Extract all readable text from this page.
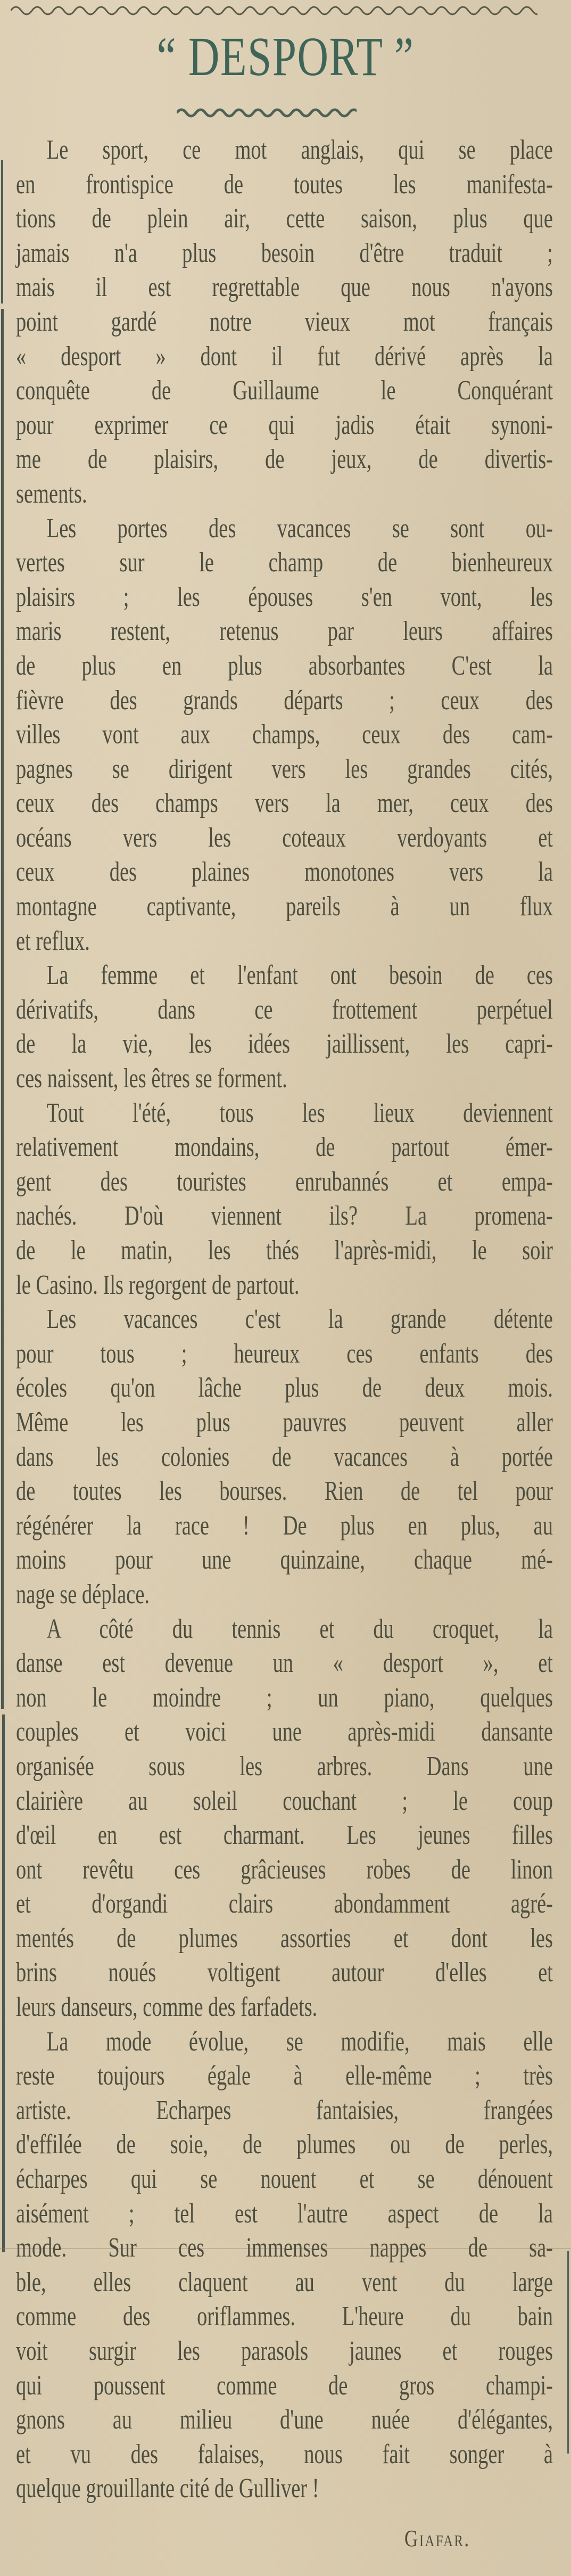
“ DESPORT ”
Le sport, ce mot anglais, qui se place
en frontispice de toutes les manifesta-
tions de plein air, cette saison, plus que
jamais n'a plus besoin d'être traduit ;
mais il est regrettable que nous n'ayons
point gardé notre vieux mot français
« desport » dont il fut dérivé après la
conquête de Guillaume le Conquérant
pour exprimer ce qui jadis était synoni-
me de plaisirs, de jeux, de divertis-
sements.
Les portes des vacances se sont ou-
vertes sur le champ de bienheureux
plaisirs ; les épouses s'en vont, les
maris restent, retenus par leurs affaires
de plus en plus absorbantes C'est la
fièvre des grands départs ; ceux des
villes vont aux champs, ceux des cam-
pagnes se dirigent vers les grandes cités,
ceux des champs vers la mer, ceux des
océans vers les coteaux verdoyants et
ceux des plaines monotones vers la
montagne captivante, pareils à un flux
et reflux.
La femme et l'enfant ont besoin de ces
dérivatifs, dans ce frottement perpétuel
de la vie, les idées jaillissent, les capri-
ces naissent, les êtres se forment.
Tout l'été, tous les lieux deviennent
relativement mondains, de partout émer-
gent des touristes enrubannés et empa-
nachés. D'où viennent ils? La promena-
de le matin, les thés l'après-midi, le soir
le Casino. Ils regorgent de partout.
Les vacances c'est la grande détente
pour tous ; heureux ces enfants des
écoles qu'on lâche plus de deux mois.
Même les plus pauvres peuvent aller
dans les colonies de vacances à portée
de toutes les bourses. Rien de tel pour
régénérer la race ! De plus en plus, au
moins pour une quinzaine, chaque mé-
nage se déplace.
A côté du tennis et du croquet, la
danse est devenue un « desport », et
non le moindre ; un piano, quelques
couples et voici une après-midi dansante
organisée sous les arbres. Dans une
clairière au soleil couchant ; le coup
d'œil en est charmant. Les jeunes filles
ont revêtu ces grâcieuses robes de linon
et d'organdi clairs abondamment agré-
mentés de plumes assorties et dont les
brins noués voltigent autour d'elles et
leurs danseurs, comme des farfadets.
La mode évolue, se modifie, mais elle
reste toujours égale à elle-même ; très
artiste. Echarpes fantaisies, frangées
d'effilée de soie, de plumes ou de perles,
écharpes qui se nouent et se dénouent
aisément ; tel est l'autre aspect de la
mode. Sur ces immenses nappes de sa-
ble, elles claquent au vent du large
comme des oriflammes. L'heure du bain
voit surgir les parasols jaunes et rouges
qui poussent comme de gros champi-
gnons au milieu d'une nuée d'élégantes,
et vu des falaises, nous fait songer à
quelque grouillante cité de Gulliver !
Giafar.
